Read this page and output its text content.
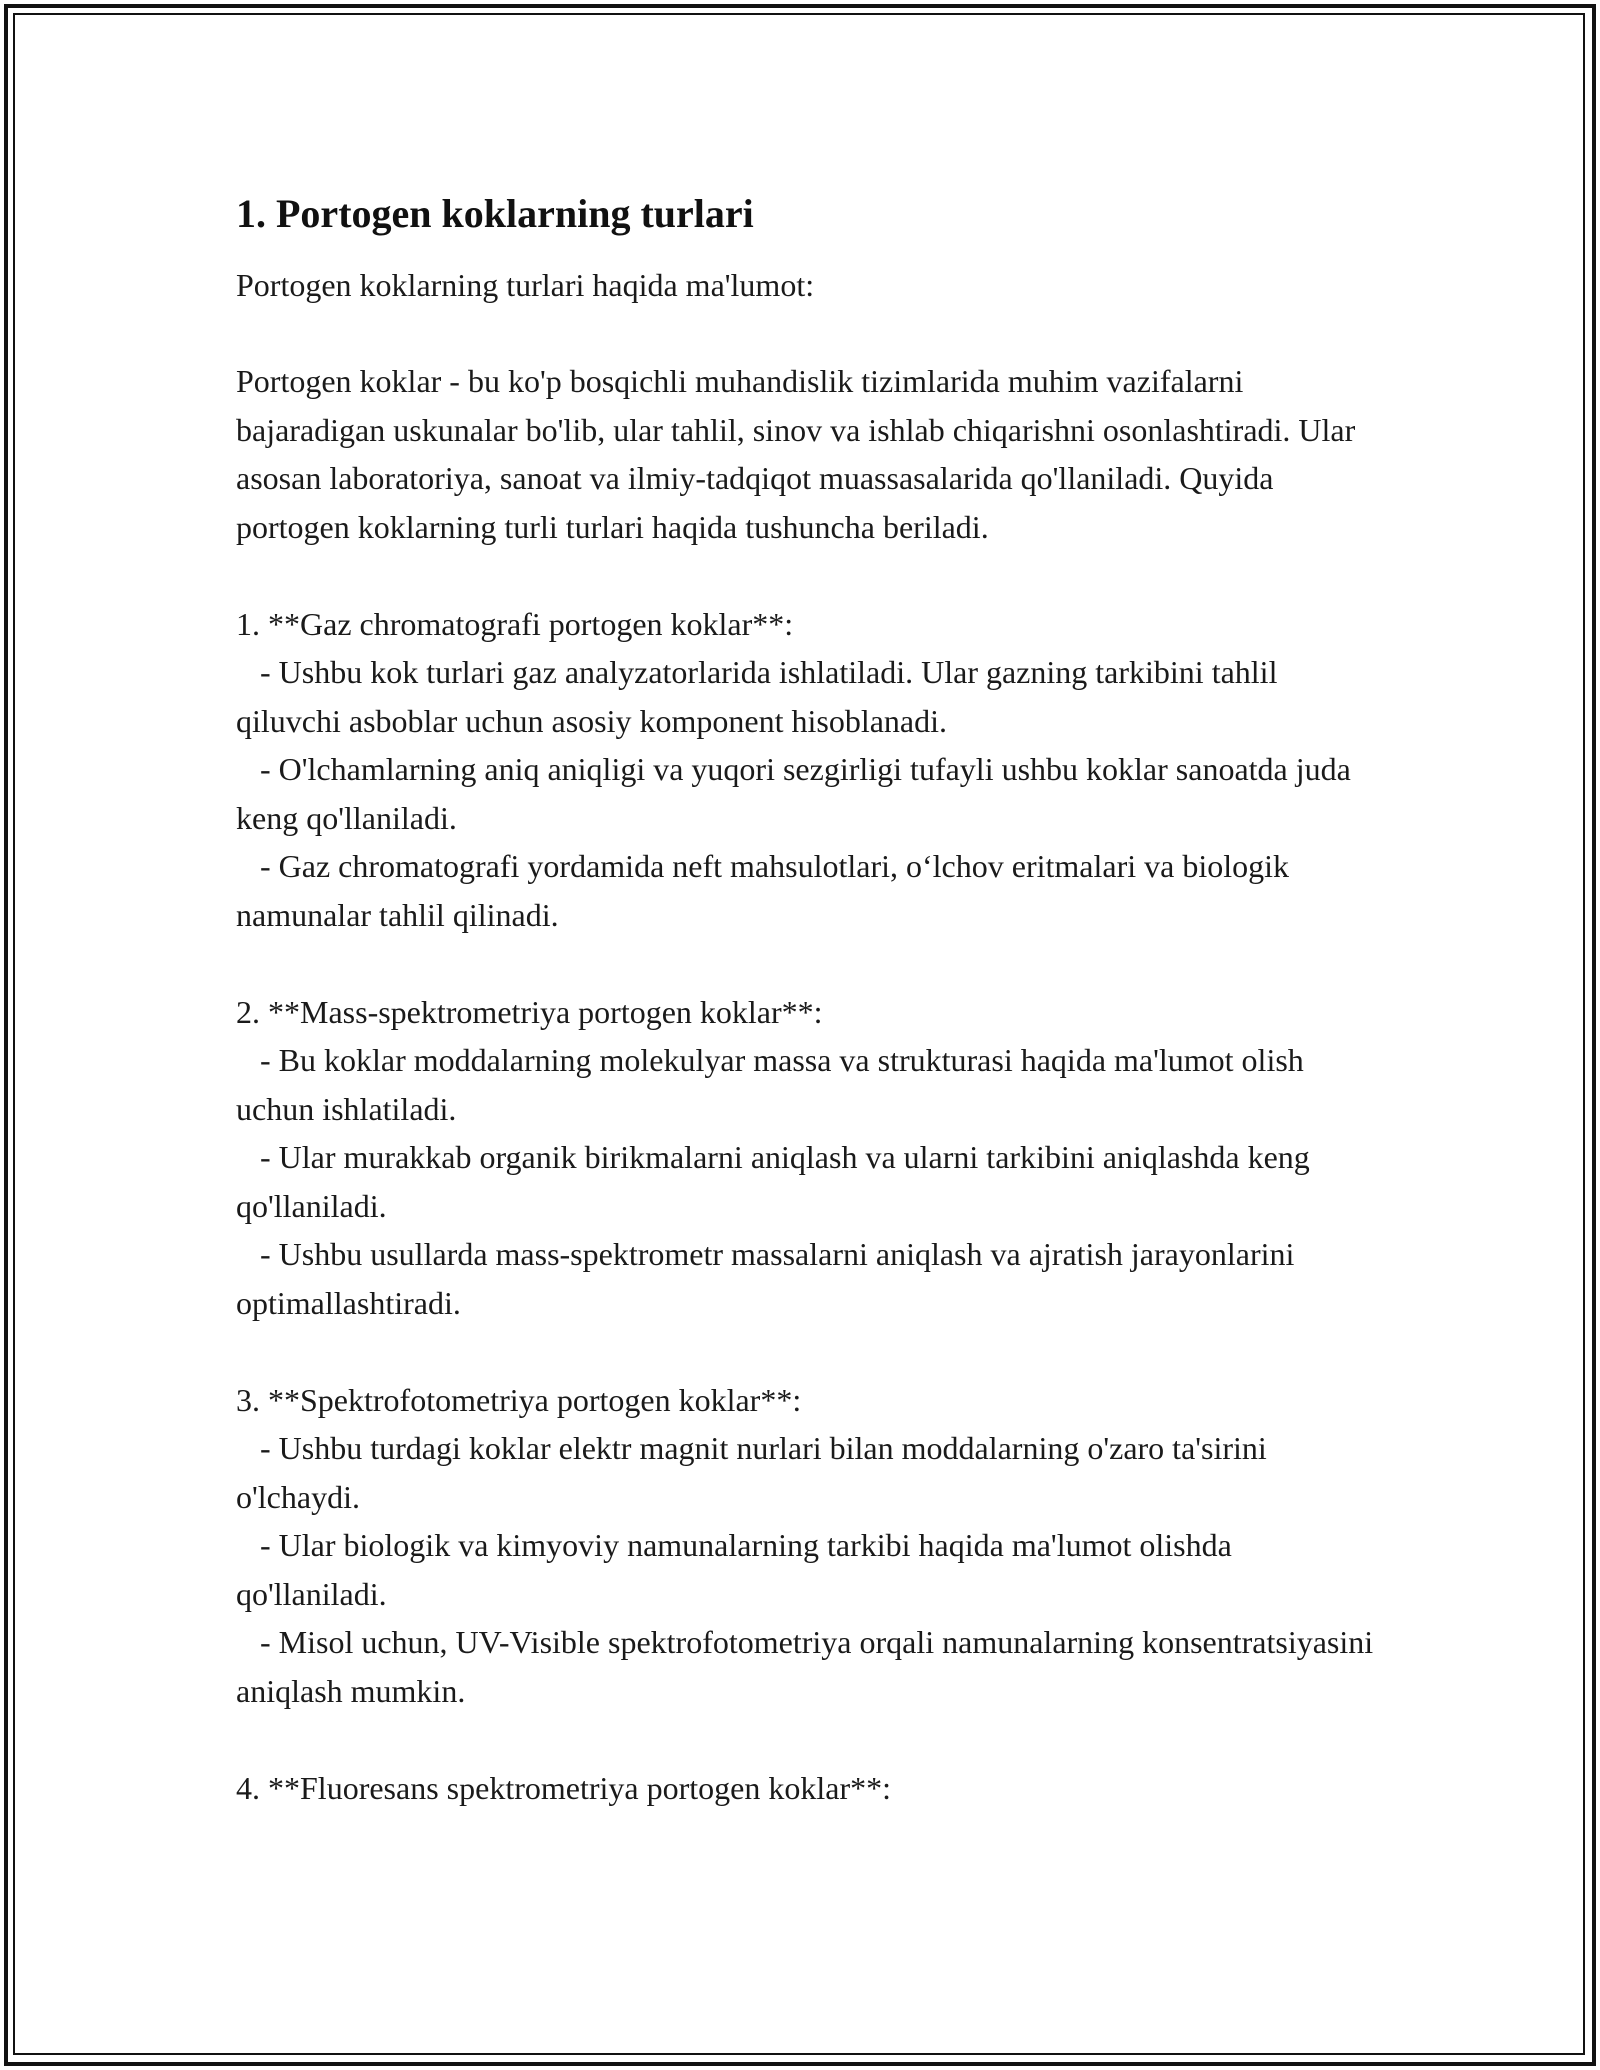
1. Portogen koklarning turlari

Portogen koklarning turlari haqida ma'lumot:

Portogen koklar - bu ko'p bosqichli muhandislik tizimlarida muhim vazifalarni bajaradigan uskunalar bo'lib, ular tahlil, sinov va ishlab chiqarishni osonlashtiradi. Ular asosan laboratoriya, sanoat va ilmiy-tadqiqot muassasalarida qo'llaniladi. Quyida portogen koklarning turli turlari haqida tushuncha beriladi.

1. **Gaz chromatografi portogen koklar**:

- Ushbu kok turlari gaz analyzatorlarida ishlatiladi. Ular gazning tarkibini tahlil qiluvchi asboblar uchun asosiy komponent hisoblanadi.

- O'lchamlarning aniq aniqligi va yuqori sezgirligi tufayli ushbu koklar sanoatda juda keng qo'llaniladi.

- Gaz chromatografi yordamida neft mahsulotlari, o‘lchov eritmalari va biologik namunalar tahlil qilinadi.

2. **Mass-spektrometriya portogen koklar**:

- Bu koklar moddalarning molekulyar massa va strukturasi haqida ma'lumot olish uchun ishlatiladi.

- Ular murakkab organik birikmalarni aniqlash va ularni tarkibini aniqlashda keng qo'llaniladi.

- Ushbu usullarda mass-spektrometr massalarni aniqlash va ajratish jarayonlarini optimallashtiradi.

3. **Spektrofotometriya portogen koklar**:

- Ushbu turdagi koklar elektr magnit nurlari bilan moddalarning o'zaro ta'sirini o'lchaydi.

- Ular biologik va kimyoviy namunalarning tarkibi haqida ma'lumot olishda qo'llaniladi.

- Misol uchun, UV-Visible spektrofotometriya orqali namunalarning konsentratsiyasini aniqlash mumkin.

4. **Fluoresans spektrometriya portogen koklar**:
